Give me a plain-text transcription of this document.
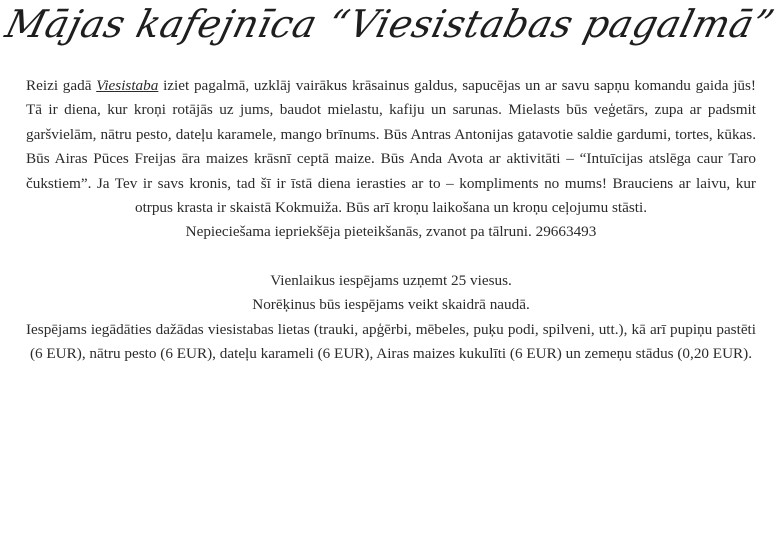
Mājas kafejnīca “Viesistabas pagalmā”

Reizi gadā Viesistaba iziet pagalmā, uzklāj vairākus krāsainus galdus, sapucējas un ar savu sapņu komandu gaida jūs! Tā ir diena, kur kroņi rotājās uz jums, baudot mielastu, kafiju un sarunas. Mielasts būs veģetārs, zupa ar padsmit garšvielām, nātru pesto, dateļu karamele, mango brīnums. Būs Antras Antonijas gatavotie saldie gardumi, tortes, kūkas. Būs Airas Pūces Freijas āra maizes krāsnī ceptā maize. Būs Anda Avota ar aktivitāti – “Intuīcijas atslēga caur Taro čukstiem”. Ja Tev ir savs kronis, tad šī ir īstā diena ierasties ar to – kompliments no mums! Brauciens ar laivu, kur otrpus krasta ir skaistā Kokmuiža. Būs arī kroņu laikošana un kroņu ceļojumu stāsti.

Nepieciešama iepriekšēja pieteikšanās, zvanot pa tālruni. 29663493

Vienlaikus iespējams uzņemt 25 viesus.

Norēķinus būs iespējams veikt skaidrā naudā.

Iespējams iegādāties dažādas viesistabas lietas (trauki, apģērbi, mēbeles, puķu podi, spilveni, utt.), kā arī pupiņu pastēti (6 EUR), nātru pesto (6 EUR), dateļu karameli (6 EUR), Airas maizes kukulīti (6 EUR) un zemeņu stādus (0,20 EUR).
